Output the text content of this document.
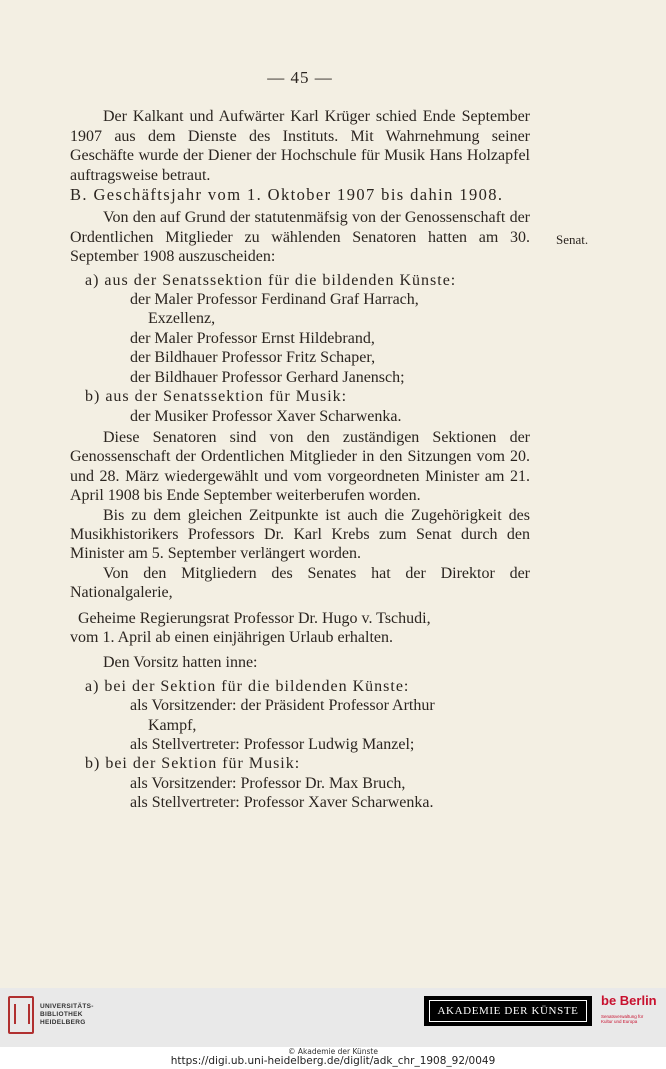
Senat.
— 45 —

Der Kalkant und Aufwärter Karl Krüger schied Ende September 1907 aus dem Dienste des Instituts. Mit Wahrnehmung seiner Geschäfte wurde der Diener der Hochschule für Musik Hans Holzapfel auftragsweise betraut.

B. Geschäftsjahr vom 1. Oktober 1907 bis dahin 1908.

Von den auf Grund der statutenmäfsig von der Genossenschaft der Ordentlichen Mitglieder zu wählenden Senatoren hatten am 30. September 1908 auszuscheiden:

a) aus der Senatssektion für die bildenden Künste:
der Maler Professor Ferdinand Graf Harrach,
Exzellenz,
der Maler Professor Ernst Hildebrand,
der Bildhauer Professor Fritz Schaper,
der Bildhauer Professor Gerhard Janensch;
b) aus der Senatssektion für Musik:
der Musiker Professor Xaver Scharwenka.

Diese Senatoren sind von den zuständigen Sektionen der Genossenschaft der Ordentlichen Mitglieder in den Sitzungen vom 20. und 28. März wiedergewählt und vom vorgeordneten Minister am 21. April 1908 bis Ende September weiterberufen worden.

Bis zu dem gleichen Zeitpunkte ist auch die Zugehörigkeit des Musikhistorikers Professors Dr. Karl Krebs zum Senat durch den Minister am 5. September verlängert worden.

Von den Mitgliedern des Senates hat der Direktor der Nationalgalerie,

Geheime Regierungsrat Professor Dr. Hugo v. Tschudi,

vom 1. April ab einen einjährigen Urlaub erhalten.

Den Vorsitz hatten inne:

a) bei der Sektion für die bildenden Künste:
als Vorsitzender: der Präsident Professor Arthur
Kampf,
als Stellvertreter: Professor Ludwig Manzel;
b) bei der Sektion für Musik:
als Vorsitzender: Professor Dr. Max Bruch,
als Stellvertreter: Professor Xaver Scharwenka.
UNIVERSITÄTS-
BIBLIOTHEK
HEIDELBERG
AKADEMIE DER KÜNSTE
be Berlin
Senatsverwaltung für Kultur und Europa
© Akademie der Künste
https://digi.ub.uni-heidelberg.de/diglit/adk_chr_1908_92/0049
